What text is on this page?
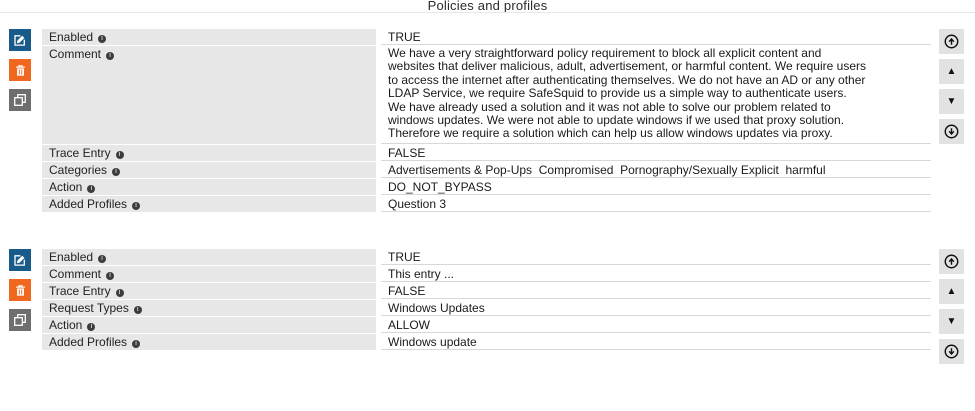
Policies and profiles
Enabled i	TRUE
Comment i	We have a very straightforward policy requirement to block all explicit content and websites that deliver malicious, adult, advertisement, or harmful content. We require users to access the internet after authenticating themselves. We do not have an AD or any other LDAP Service, we require SafeSquid to provide us a simple way to authenticate users. We have already used a solution and it was not able to solve our problem related to windows updates. We were not able to update windows if we used that proxy solution. Therefore we require a solution which can help us allow windows updates via proxy.
Trace Entry i	FALSE
Categories i	Advertisements & Pop-Ups  Compromised  Pornography/Sexually Explicit  harmful
Action i	DO_NOT_BYPASS
Added Profiles i	Question 3
▲
▼
Enabled i	TRUE
Comment i	This entry ...
Trace Entry i	FALSE
Request Types i	Windows Updates
Action i	ALLOW
Added Profiles i	Windows update
▲
▼
